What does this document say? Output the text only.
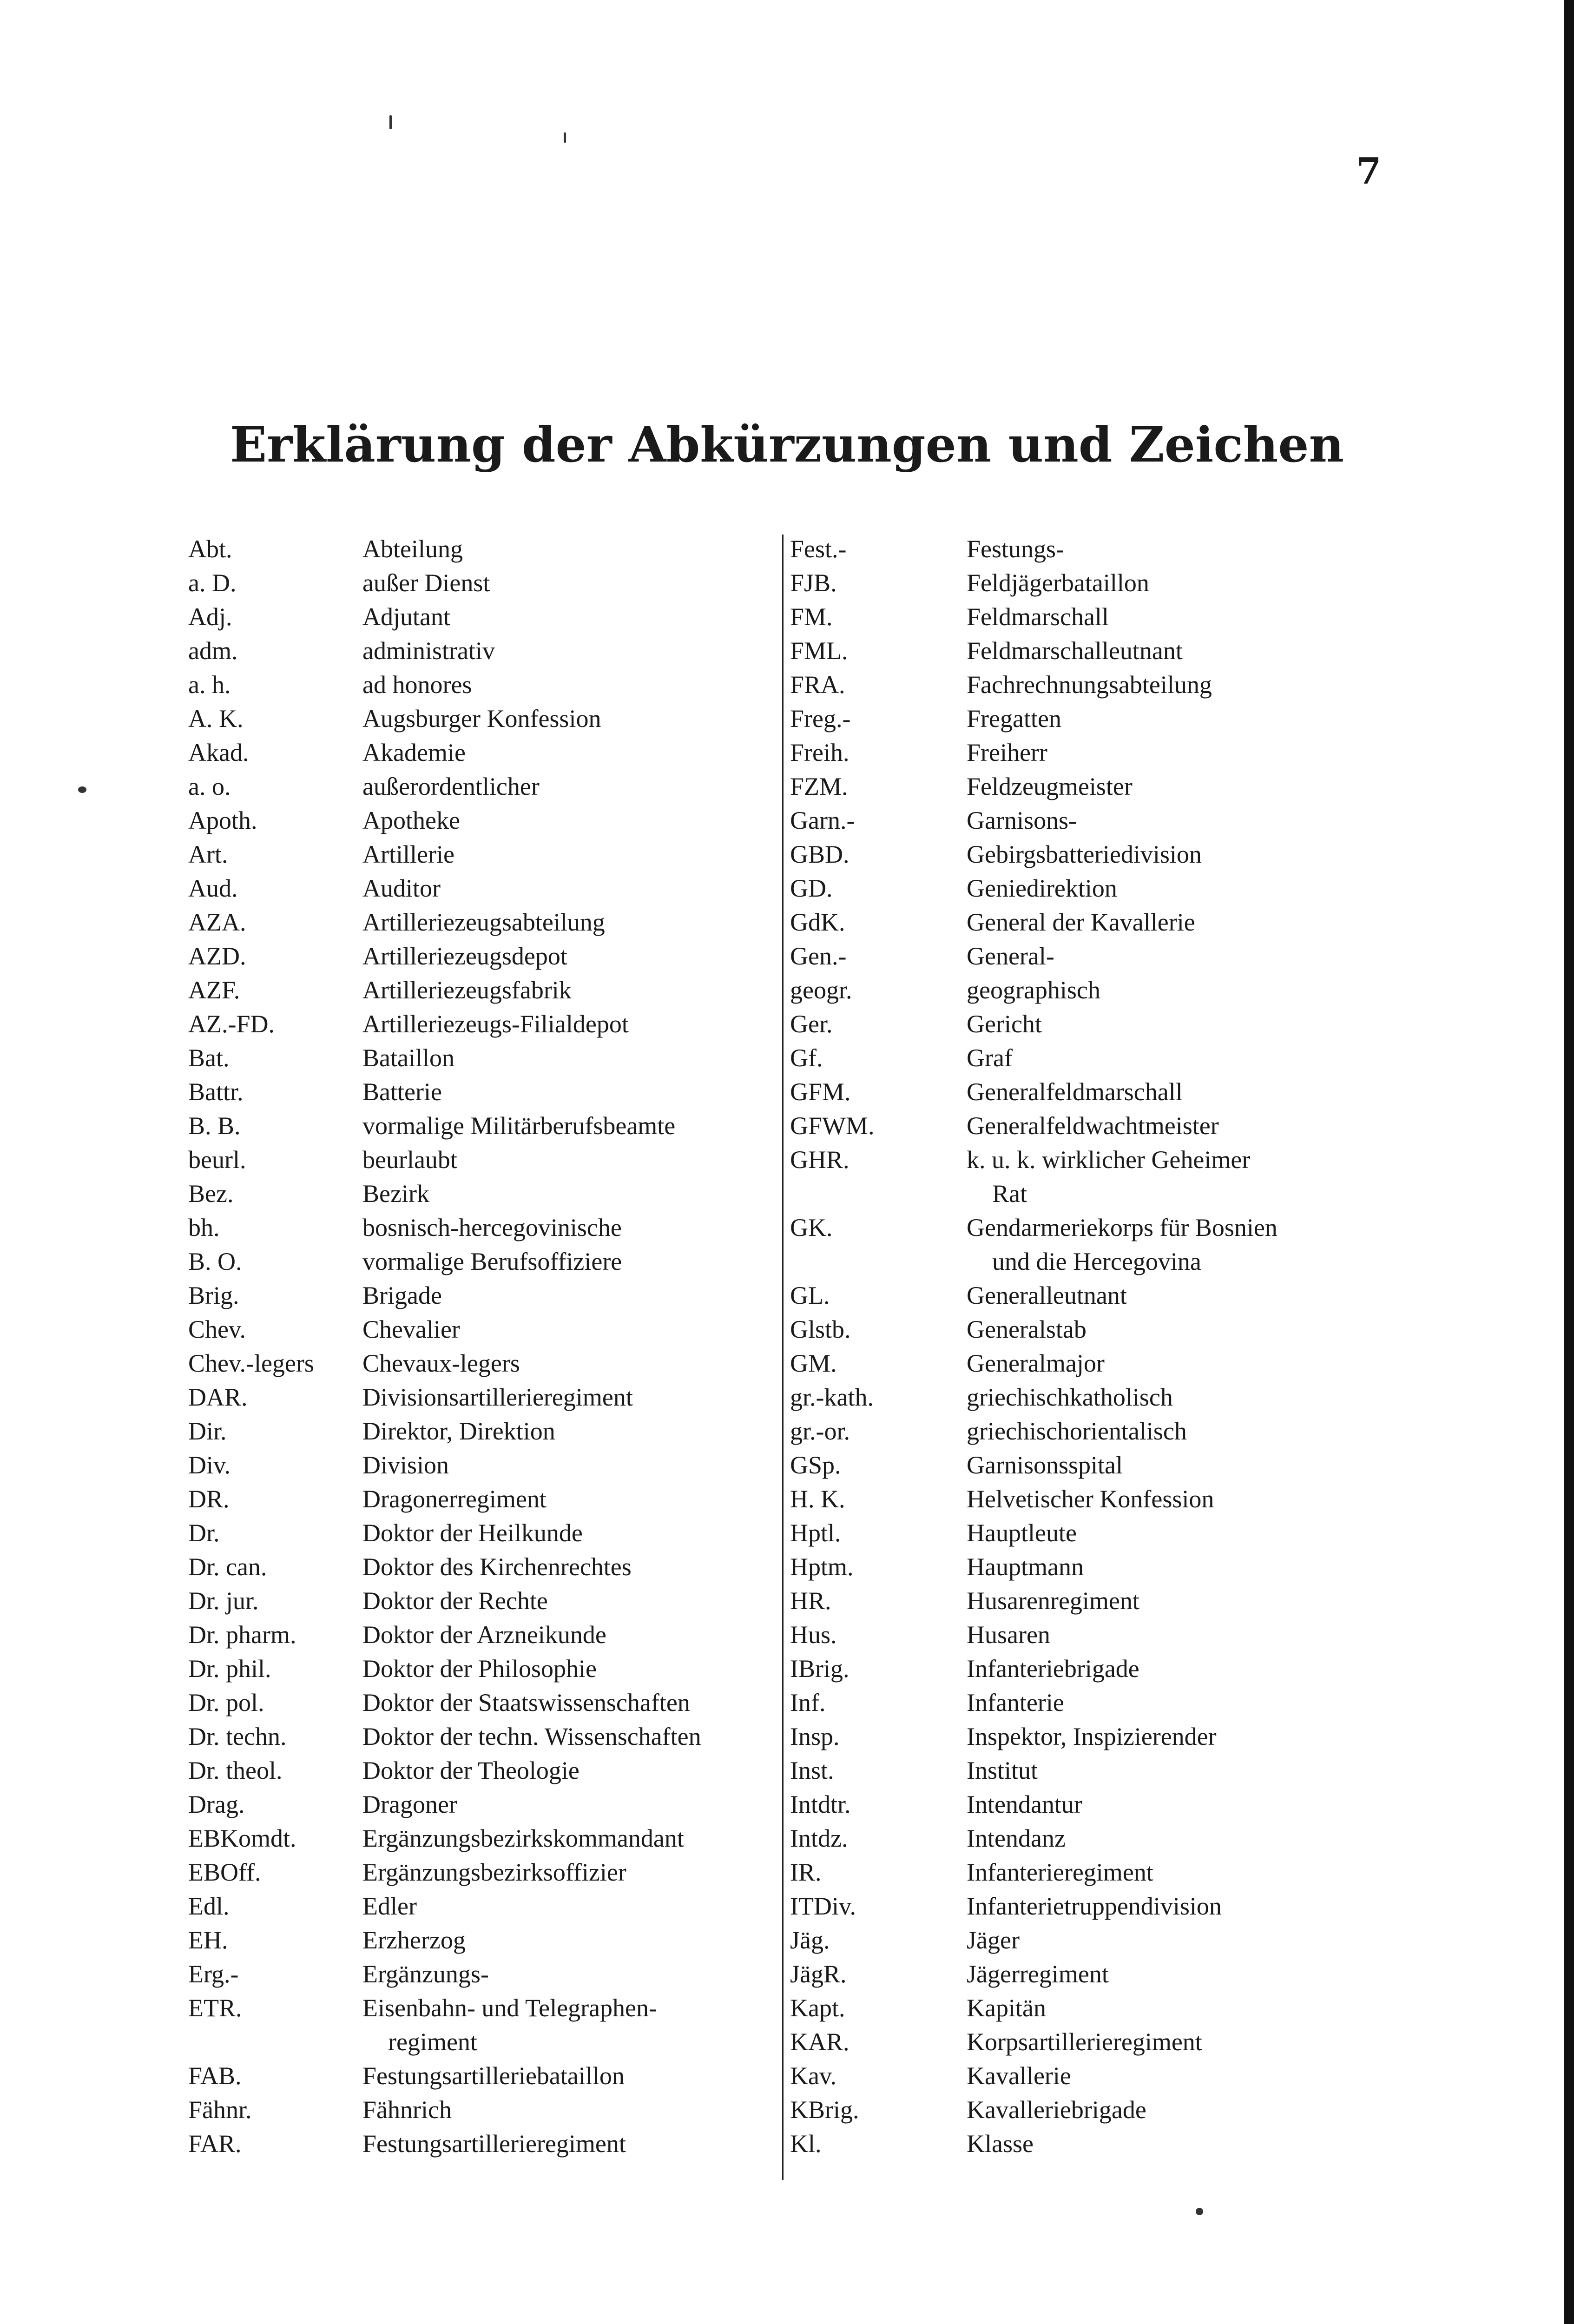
7
Erklärung der Abkürzungen und Zeichen
Abt.	Abteilung
a. D.	außer Dienst
Adj.	Adjutant
adm.	administrativ
a. h.	ad honores
A. K.	Augsburger Konfession
Akad.	Akademie
a. o.	außerordentlicher
Apoth.	Apotheke
Art.	Artillerie
Aud.	Auditor
AZA.	Artilleriezeugsabteilung
AZD.	Artilleriezeugsdepot
AZF.	Artilleriezeugsfabrik
AZ.-FD.	Artilleriezeugs-Filialdepot
Bat.	Bataillon
Battr.	Batterie
B. B.	vormalige Militärberufsbeamte
beurl.	beurlaubt
Bez.	Bezirk
bh.	bosnisch-hercegovinische
B. O.	vormalige Berufsoffiziere
Brig.	Brigade
Chev.	Chevalier
Chev.-legers	Chevaux-legers
DAR.	Divisionsartillerieregiment
Dir.	Direktor, Direktion
Div.	Division
DR.	Dragonerregiment
Dr.	Doktor der Heilkunde
Dr. can.	Doktor des Kirchenrechtes
Dr. jur.	Doktor der Rechte
Dr. pharm.	Doktor der Arzneikunde
Dr. phil.	Doktor der Philosophie
Dr. pol.	Doktor der Staatswissenschaften
Dr. techn.	Doktor der techn. Wissenschaften
Dr. theol.	Doktor der Theologie
Drag.	Dragoner
EBKomdt.	Ergänzungsbezirkskommandant
EBOff.	Ergänzungsbezirksoffizier
Edl.	Edler
EH.	Erzherzog
Erg.-	Ergänzungs-
ETR.	Eisenbahn- und Telegraphen-
regiment
FAB.	Festungsartilleriebataillon
Fähnr.	Fähnrich
FAR.	Festungsartillerieregiment
Fest.-	Festungs-
FJB.	Feldjägerbataillon
FM.	Feldmarschall
FML.	Feldmarschalleutnant
FRA.	Fachrechnungsabteilung
Freg.-	Fregatten
Freih.	Freiherr
FZM.	Feldzeugmeister
Garn.-	Garnisons-
GBD.	Gebirgsbatteriedivision
GD.	Geniedirektion
GdK.	General der Kavallerie
Gen.-	General-
geogr.	geographisch
Ger.	Gericht
Gf.	Graf
GFM.	Generalfeldmarschall
GFWM.	Generalfeldwachtmeister
GHR.	k. u. k. wirklicher Geheimer
Rat
GK.	Gendarmeriekorps für Bosnien
und die Hercegovina
GL.	Generalleutnant
Glstb.	Generalstab
GM.	Generalmajor
gr.-kath.	griechischkatholisch
gr.-or.	griechischorientalisch
GSp.	Garnisonsspital
H. K.	Helvetischer Konfession
Hptl.	Hauptleute
Hptm.	Hauptmann
HR.	Husarenregiment
Hus.	Husaren
IBrig.	Infanteriebrigade
Inf.	Infanterie
Insp.	Inspektor, Inspizierender
Inst.	Institut
Intdtr.	Intendantur
Intdz.	Intendanz
IR.	Infanterieregiment
ITDiv.	Infanterietruppendivision
Jäg.	Jäger
JägR.	Jägerregiment
Kapt.	Kapitän
KAR.	Korpsartillerieregiment
Kav.	Kavallerie
KBrig.	Kavalleriebrigade
Kl.	Klasse
